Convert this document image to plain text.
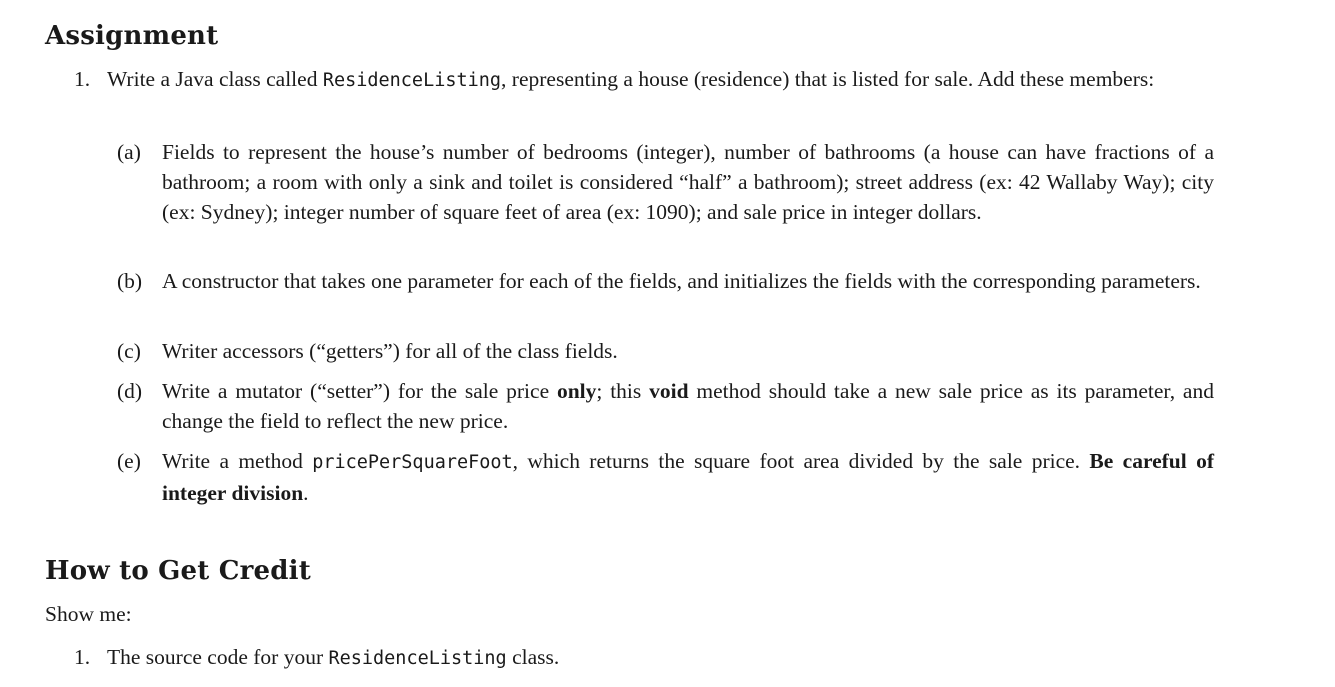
Assignment
1. Write a Java class called ResidenceListing, representing a house (residence) that is listed for sale. Add these members:

(a) Fields to represent the house’s number of bedrooms (integer), number of bathrooms (a house can have fractions of a bathroom; a room with only a sink and toilet is considered “half” a bathroom); street address (ex: 42 Wallaby Way); city (ex: Sydney); integer number of square feet of area (ex: 1090); and sale price in integer dollars.

(b) A constructor that takes one parameter for each of the fields, and initializes the fields with the corresponding parameters.

(c) Writer accessors (“getters”) for all of the class fields.

(d) Write a mutator (“setter”) for the sale price only; this void method should take a new sale price as its parameter, and change the field to reflect the new price.

(e) Write a method pricePerSquareFoot, which returns the square foot area divided by the sale price. Be careful of integer division.

How to Get Credit

Show me:

1. The source code for your ResidenceListing class.
